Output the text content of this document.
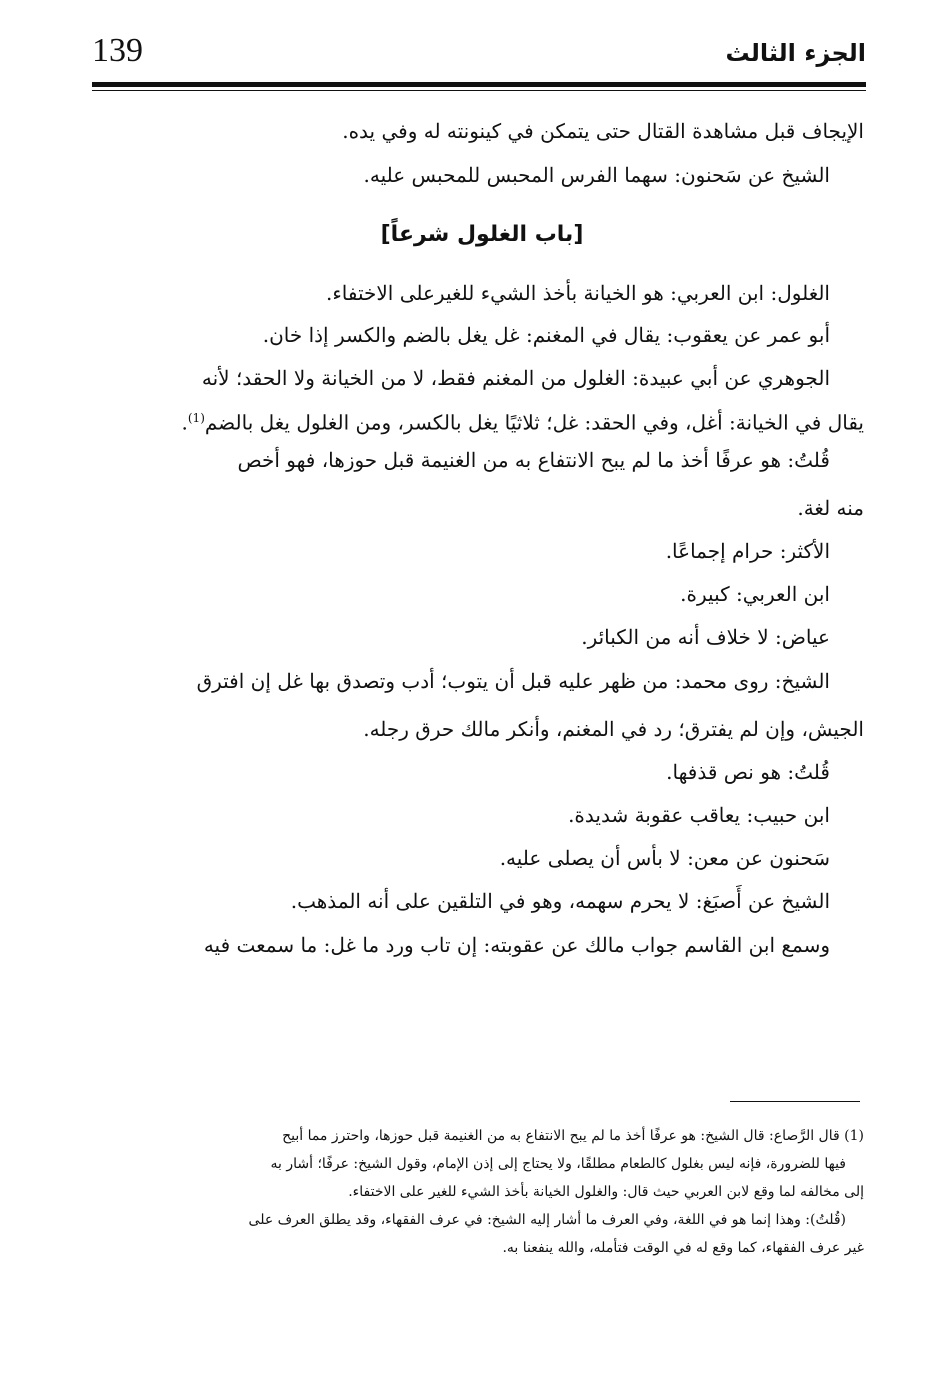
139	الجزء الثالث
الإيجاف قبل مشاهدة القتال حتى يتمكن في كينونته له وفي يده.
الشيخ عن سَحنون: سهما الفرس المحبس للمحبس عليه.
[باب الغلول شرعاً]
الغلول: ابن العربي: هو الخيانة بأخذ الشيء للغيرعلى الاختفاء.
أبو عمر عن يعقوب: يقال في المغنم: غل يغل بالضم والكسر إذا خان.
الجوهري عن أبي عبيدة: الغلول من المغنم فقط، لا من الخيانة ولا الحقد؛ لأنه
يقال في الخيانة: أغل، وفي الحقد: غل؛ ثلاثيًا يغل بالكسر، ومن الغلول يغل بالضم$^{(1)}$.
قُلتُ: هو عرفًا أخذ ما لم يبح الانتفاع به من الغنيمة قبل حوزها، فهو أخص
منه لغة.
الأكثر: حرام إجماعًا.
ابن العربي: كبيرة.
عياض: لا خلاف أنه من الكبائر.
الشيخ: روى محمد: من ظهر عليه قبل أن يتوب؛ أدب وتصدق بها غل إن افترق
الجيش، وإن لم يفترق؛ رد في المغنم، وأنكر مالك حرق رجله.
قُلتُ: هو نص قذفها.
ابن حبيب: يعاقب عقوبة شديدة.
سَحنون عن معن: لا بأس أن يصلى عليه.
الشيخ عن أَصبَغ: لا يحرم سهمه، وهو في التلقين على أنه المذهب.
وسمع ابن القاسم جواب مالك عن عقوبته: إن تاب ورد ما غل: ما سمعت فيه
(1) قال الرَّصاع: قال الشيخ: هو عرفًا أخذ ما لم يبح الانتفاع به من الغنيمة قبل حوزها، واحترز مما أبيح
فيها للضرورة، فإنه ليس بغلول كالطعام مطلقًا، ولا يحتاج إلى إذن الإمام، وقول الشيخ: عرفًا؛ أشار به
إلى مخالفه لما وقع لابن العربي حيث قال: والغلول الخيانة بأخذ الشيء للغير على الاختفاء.
(قُلتُ): وهذا إنما هو في اللغة، وفي العرف ما أشار إليه الشيخ: في عرف الفقهاء، وقد يطلق العرف على
غير عرف الفقهاء، كما وقع له في الوقت فتأمله، والله ينفعنا به.
